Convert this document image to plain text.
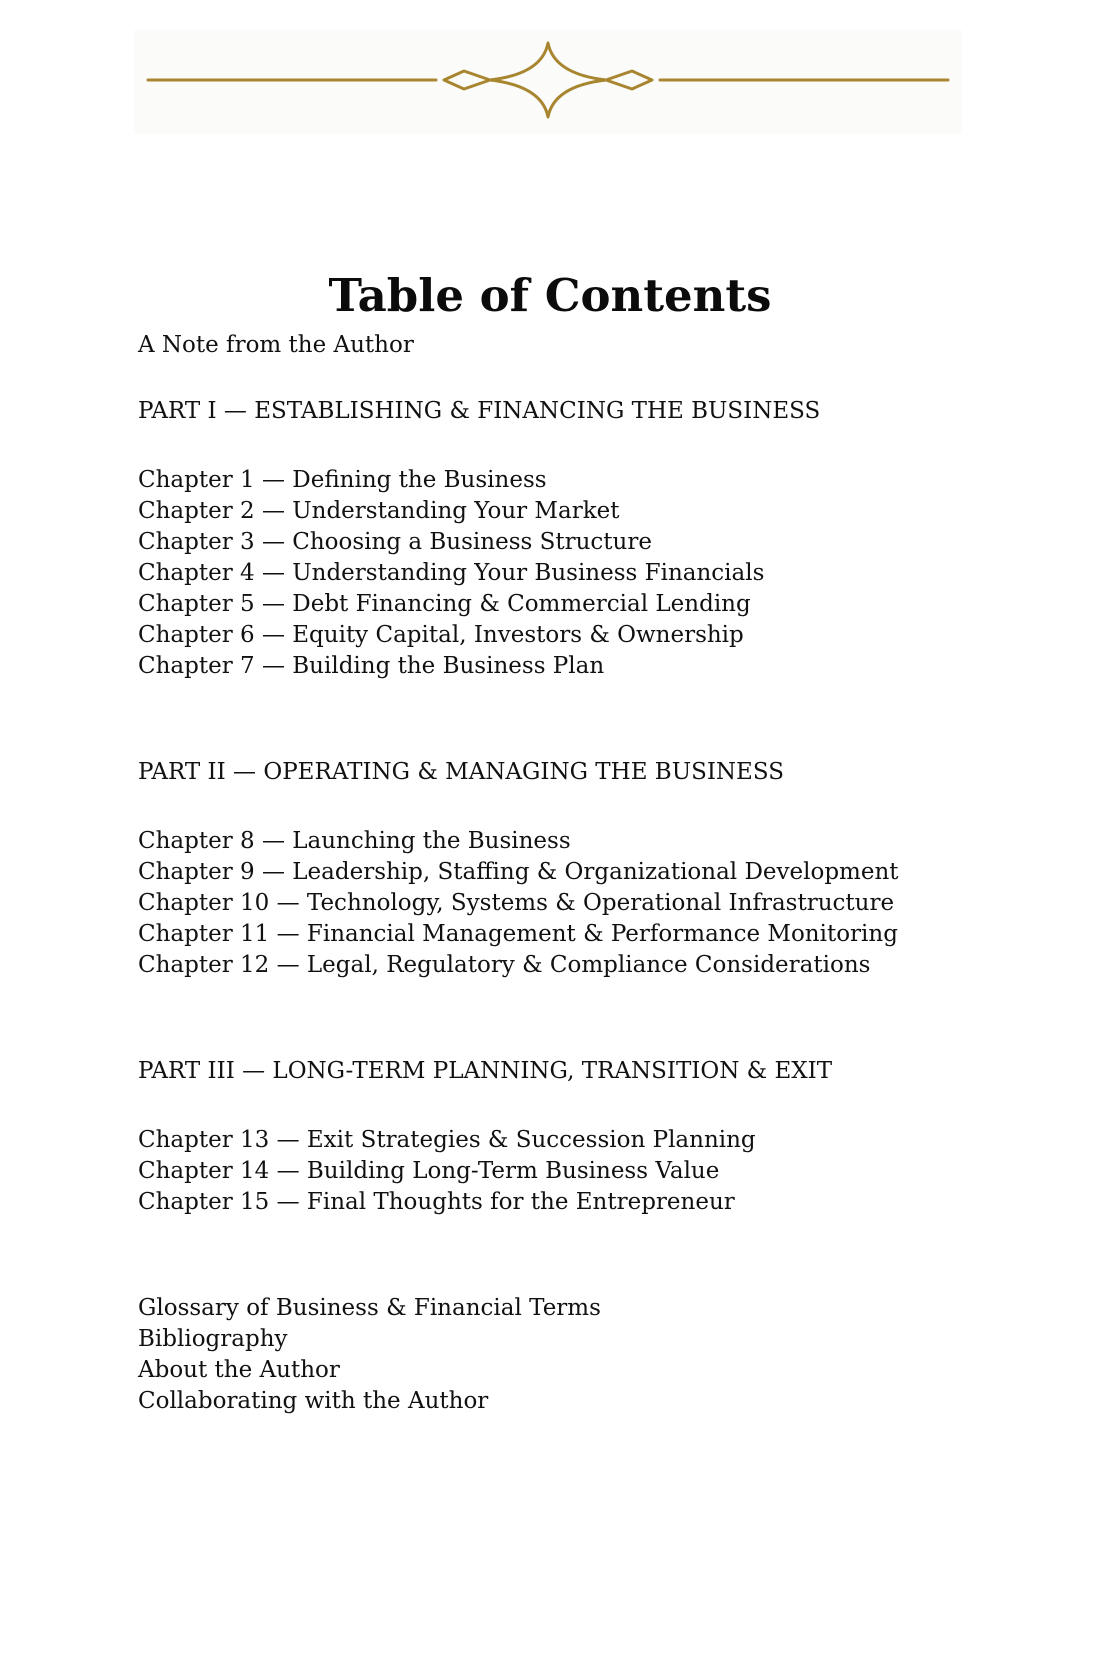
Table of Contents
A Note from the Author
PART I — ESTABLISHING & FINANCING THE BUSINESS
Chapter 1 — Defining the Business
Chapter 2 — Understanding Your Market
Chapter 3 — Choosing a Business Structure
Chapter 4 — Understanding Your Business Financials
Chapter 5 — Debt Financing & Commercial Lending
Chapter 6 — Equity Capital, Investors & Ownership
Chapter 7 — Building the Business Plan
PART II — OPERATING & MANAGING THE BUSINESS
Chapter 8 — Launching the Business
Chapter 9 — Leadership, Staffing & Organizational Development
Chapter 10 — Technology, Systems & Operational Infrastructure
Chapter 11 — Financial Management & Performance Monitoring
Chapter 12 — Legal, Regulatory & Compliance Considerations
PART III — LONG-TERM PLANNING, TRANSITION & EXIT
Chapter 13 — Exit Strategies & Succession Planning
Chapter 14 — Building Long-Term Business Value
Chapter 15 — Final Thoughts for the Entrepreneur
Glossary of Business & Financial Terms
Bibliography
About the Author
Collaborating with the Author
